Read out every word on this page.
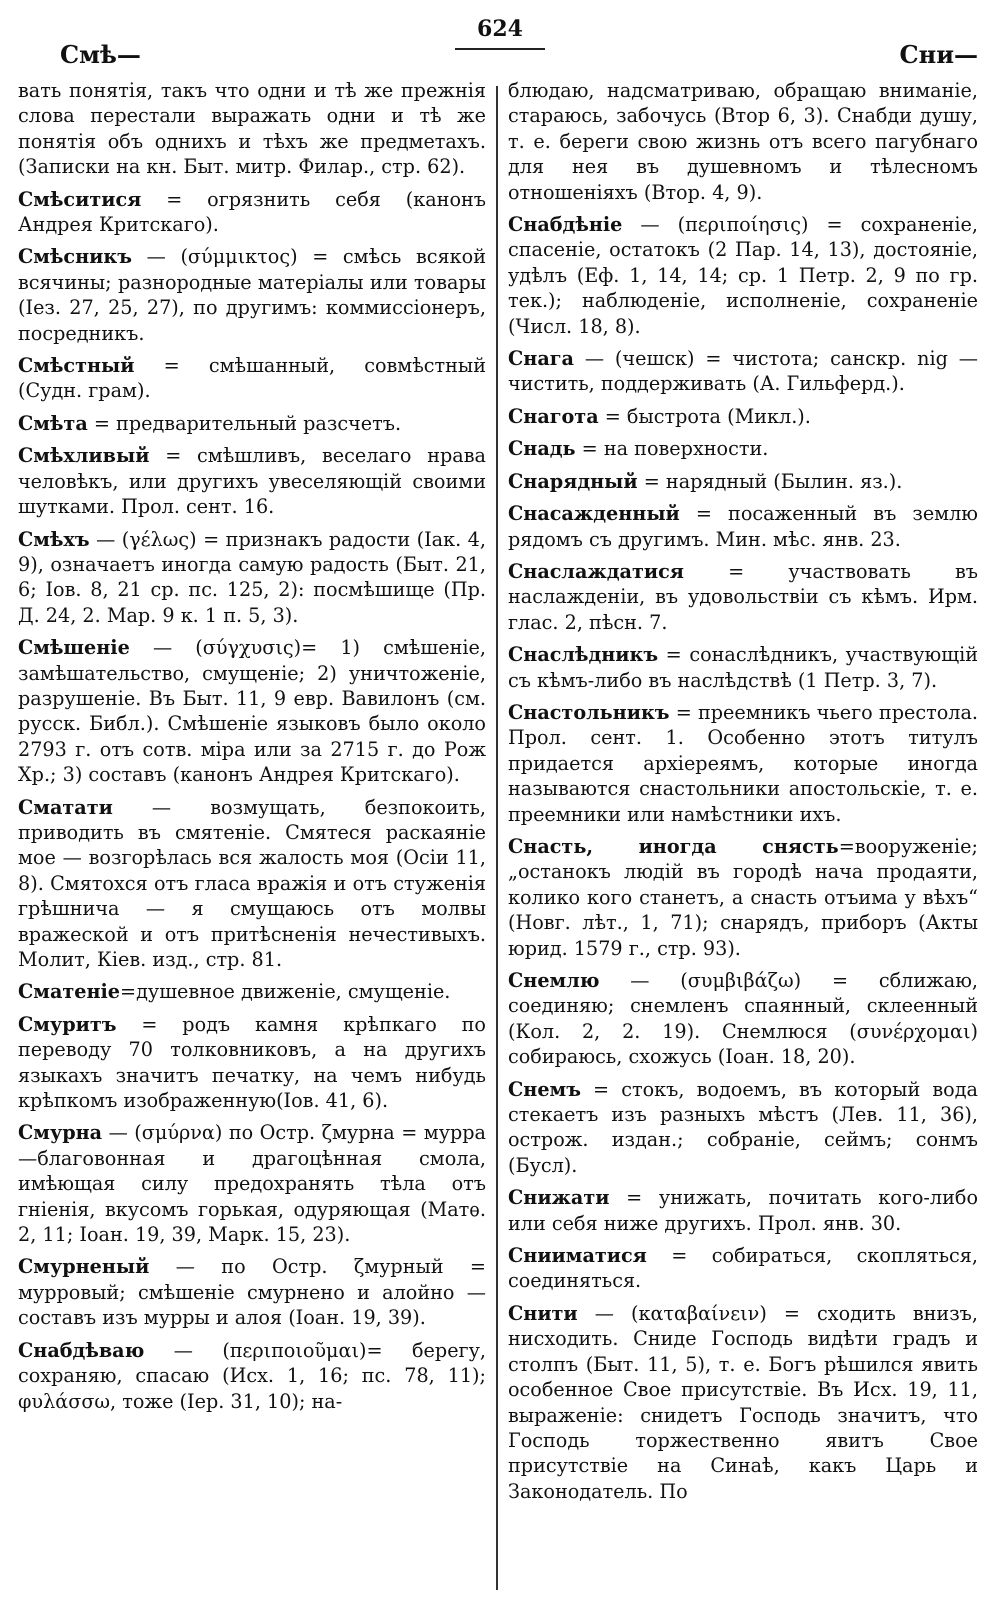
Смѣ—
624
Сни—

вать понятія, такъ что одни и тѣ же прежнія слова перестали выражать одни и тѣ же понятія объ однихъ и тѣхъ же предметахъ. (Записки на кн. Быт. митр. Филар., стр. 62).

Смѣситися = огрязнить себя (канонъ Андрея Критскаго).

Смѣсникъ — (σύμμικτος) = смѣсь всякой всячины; разнородные матеріалы или товары (Iез. 27, 25, 27), по другимъ: коммиссіонеръ, посредникъ.

Смѣстный = смѣшанный, совмѣстный (Судн. грам).

Смѣта = предварительный разсчетъ.

Смѣхливый = смѣшливъ, веселаго нрава человѣкъ, или другихъ увеселяющій своими шутками. Прол. сент. 16.

Смѣхъ — (γέλως) = признакъ радости (Iак. 4, 9), означаетъ иногда самую радость (Быт. 21, 6; Iов. 8, 21 ср. пс. 125, 2): посмѣшище (Пр. Д. 24, 2. Мар. 9 к. 1 п. 5, 3).

Смѣшеніе — (σύγχυσις)= 1) смѣшеніе, замѣшательство, смущеніе; 2) уничтоженіе, разрушеніе. Въ Быт. 11, 9 евр. Вавилонъ (см. русск. Библ.). Смѣшеніе языковъ было около 2793 г. отъ сотв. міра или за 2715 г. до Рож Хр.; 3) составъ (канонъ Андрея Критскаго).

Сматати — возмущать, безпокоить, приводить въ смятеніе. Смятеся раскаяніе мое — возгорѣлась вся жалость моя (Осіи 11, 8). Смятохся отъ гласа вражія и отъ стуженія грѣшнича — я смущаюсь отъ молвы вражеской и отъ притѣсненія нечестивыхъ. Молит, Кіев. изд., стр. 81.

Сматеніе=душевное движеніе, смущеніе.

Смуритъ = родъ камня крѣпкаго по переводу 70 толковниковъ, а на другихъ языкахъ значитъ печатку, на чемъ нибудь крѣпкомъ изображенную(Iов. 41, 6).

Смурна — (σμύρνα) по Остр. ζмурна = мурра—благовонная и драгоцѣнная смола, имѣющая силу предохранять тѣла отъ гніенія, вкусомъ горькая, одуряющая (Матѳ. 2, 11; Iоан. 19, 39, Марк. 15, 23).

Смурненый — по Остр. ζмурный = мурровый; смѣшеніе смурнено и алойно — составъ изъ мурры и алоя (Iоан. 19, 39).

Снабдѣваю — (περιποιοῦμαι)= берегу, сохраняю, спасаю (Исх. 1, 16; пс. 78, 11); φυλάσσω, тоже (Iер. 31, 10); на-

блюдаю, надсматриваю, обращаю вниманіе, стараюсь, забочусь (Втор 6, 3). Снабди душу, т. е. береги свою жизнь отъ всего пагубнаго для нея въ душевномъ и тѣлесномъ отношеніяхъ (Втор. 4, 9).

Снабдѣніе — (περιποίησις) = сохраненіе, спасеніе, остатокъ (2 Пар. 14, 13), достояніе, удѣлъ (Еф. 1, 14, 14; ср. 1 Петр. 2, 9 по гр. тек.); наблюденіе, исполненіе, сохраненіе (Числ. 18, 8).

Снага — (чешск) = чистота; санскр. nig — чистить, поддерживать (А. Гильферд.).

Снагота = быстрота (Микл.).

Снадь = на поверхности.

Снарядный = нарядный (Былин. яз.).

Снасажденный = посаженный въ землю рядомъ съ другимъ. Мин. мѣс. янв. 23.

Снаслаждатися = участвовать въ наслажденіи, въ удовольствіи съ кѣмъ. Ирм. глас. 2, пѣсн. 7.

Снаслѣдникъ = сонаслѣдникъ, участвующій съ кѣмъ-либо въ наслѣдствѣ (1 Петр. 3, 7).

Снастольникъ = преемникъ чьего престола. Прол. сент. 1. Особенно этотъ титулъ придается архіереямъ, которые иногда называются снастольники апостольскіе, т. е. преемники или намѣстники ихъ.

Снасть, иногда снясть=вооруженіе; „останокъ людій въ городѣ нача продаяти, колико кого станетъ, а снасть отъима у вѣхъ“ (Новг. лѣт., 1, 71); снарядъ, приборъ (Акты юрид. 1579 г., стр. 93).

Снемлю — (συμβιβάζω) = сближаю, соединяю; снемленъ спаянный, склеенный (Кол. 2, 2. 19). Снемлюся (συνέρχομαι) собираюсь, схожусь (Iоан. 18, 20).

Снемъ = стокъ, водоемъ, въ который вода стекаетъ изъ разныхъ мѣстъ (Лев. 11, 36), острож. издан.; собраніе, сеймъ; сонмъ (Бусл).

Снижати = унижать, почитать кого-либо или себя ниже другихъ. Прол. янв. 30.

Снииматися = собираться, скопляться, соединяться.

Снити — (καταβαίνειν) = сходить внизъ, нисходить. Сниде Господь видѣти градъ и столпъ (Быт. 11, 5), т. е. Богъ рѣшился явить особенное Свое присутствіе. Въ Исх. 19, 11, выраженіе: снидетъ Господь значитъ, что Господь торжественно явитъ Свое присутствіе на Синаѣ, какъ Царь и Законодатель. По
